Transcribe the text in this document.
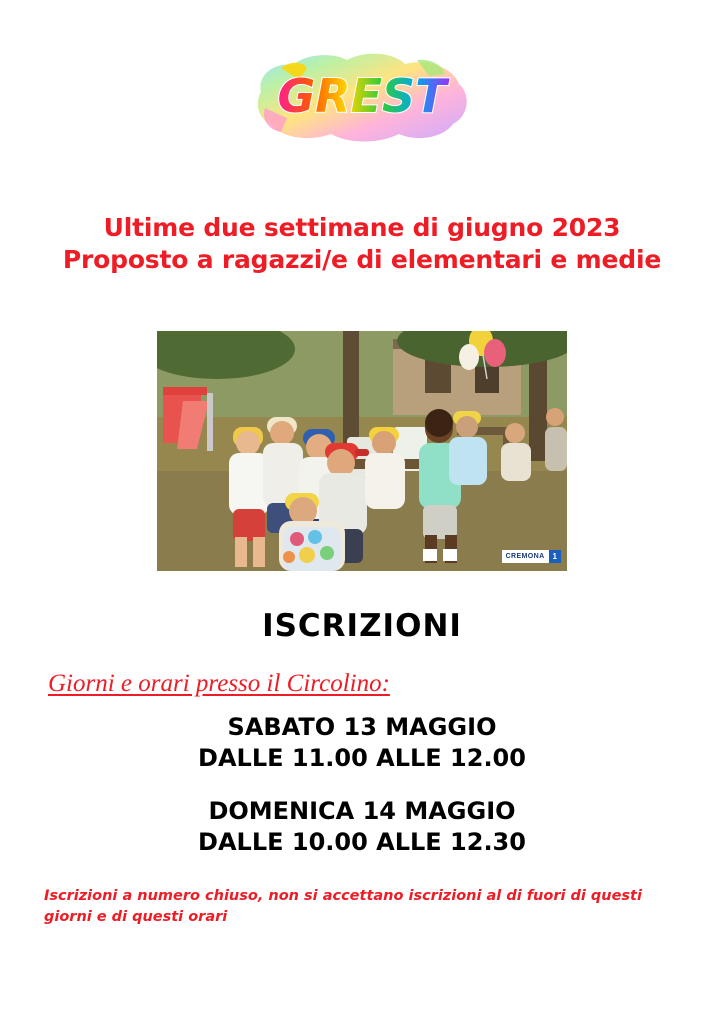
GREST
Ultime due settimane di giugno 2023
Proposto a ragazzi/e di elementari e medie
CREMONA	1
ISCRIZIONI
Giorni e orari presso il Circolino:
SABATO 13 MAGGIO
DALLE 11.00 ALLE 12.00
DOMENICA 14 MAGGIO
DALLE 10.00 ALLE 12.30
Iscrizioni a numero chiuso, non si accettano iscrizioni al di fuori di questi giorni e di questi orari
